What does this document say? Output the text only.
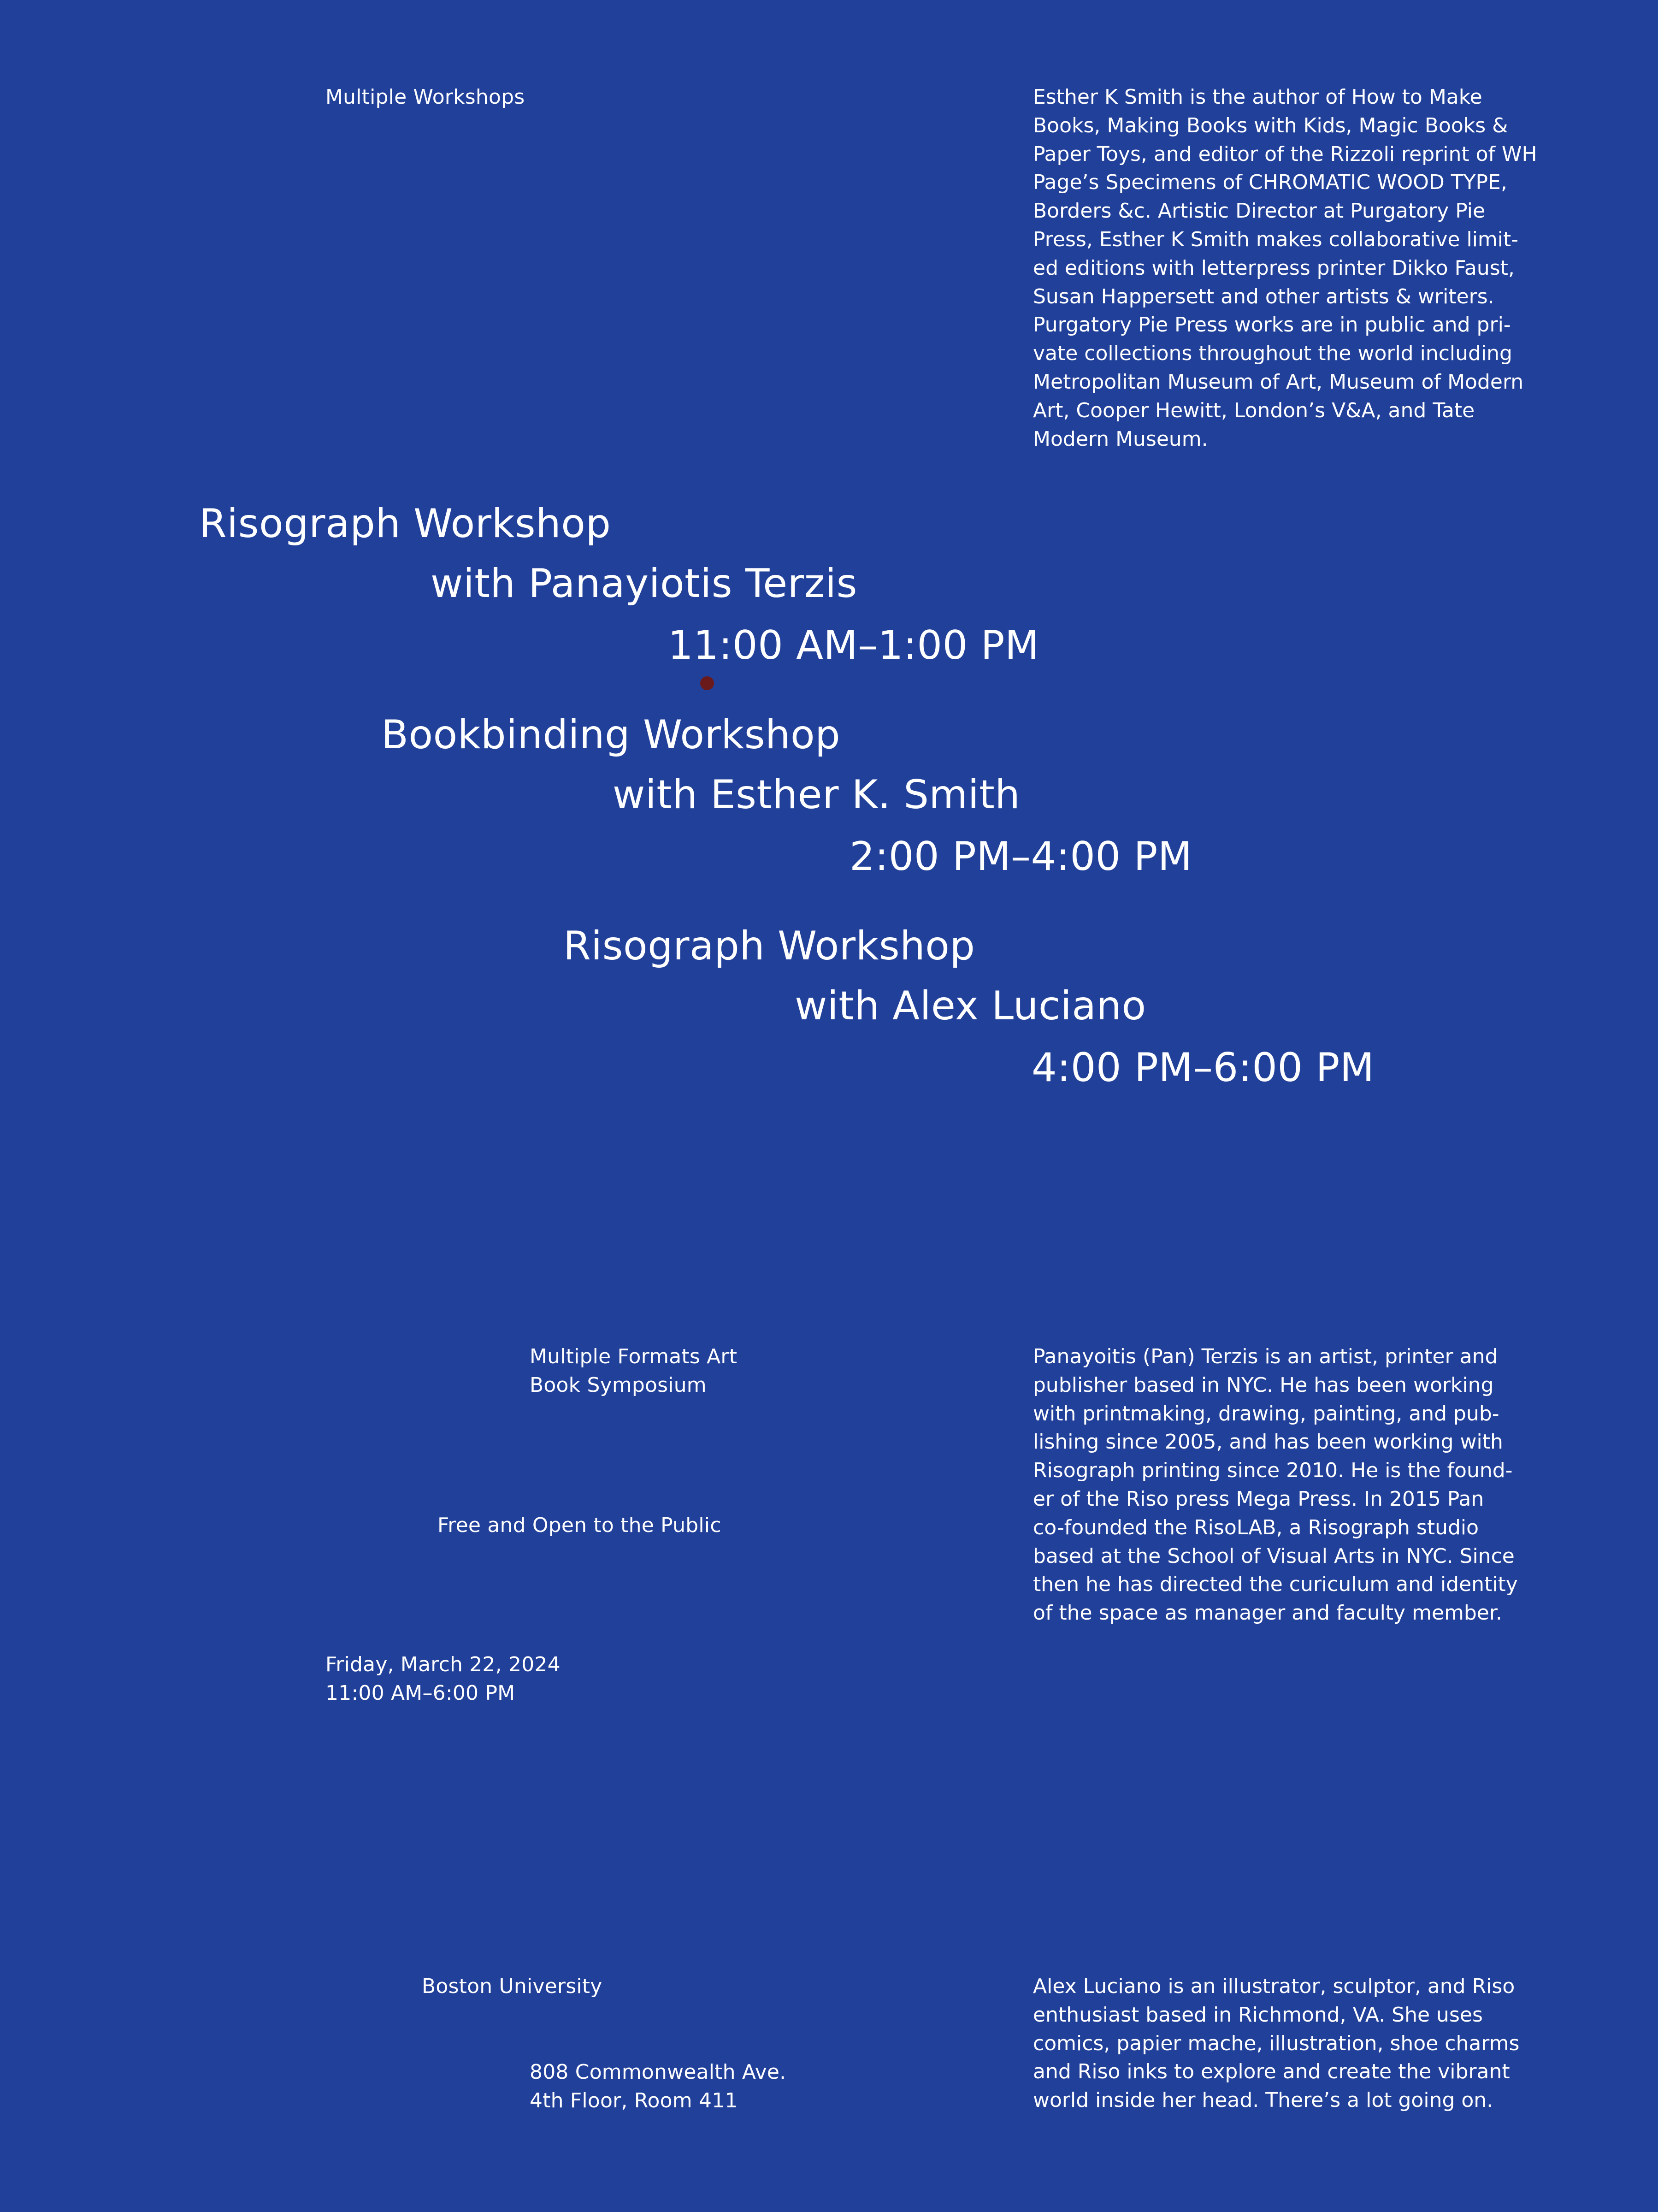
Multiple Workshops	Esther K Smith is the author of How to Make
Books, Making Books with Kids, Magic Books &
Paper Toys, and editor of the Rizzoli reprint of WH
Page’s Specimens of CHROMATIC WOOD TYPE,
Borders &c. Artistic Director at Purgatory Pie
Press, Esther K Smith makes collaborative limit-
ed editions with letterpress printer Dikko Faust,
Susan Happersett and other artists & writers.
Purgatory Pie Press works are in public and pri-
vate collections throughout the world including
Metropolitan Museum of Art, Museum of Modern
Art, Cooper Hewitt, London’s V&A, and Tate
Modern Museum.
Risograph Workshop
with Panayiotis Terzis
11:00 AM–1:00 PM
Bookbinding Workshop
with Esther K. Smith
2:00 PM–4:00 PM
Risograph Workshop
with Alex Luciano
4:00 PM–6:00 PM
Multiple Formats Art
Book Symposium
Panayoitis (Pan) Terzis is an artist, printer and
publisher based in NYC. He has been working
with printmaking, drawing, painting, and pub-
lishing since 2005, and has been working with
Risograph printing since 2010. He is the found-
er of the Riso press Mega Press. In 2015 Pan
co-founded the RisoLAB, a Risograph studio
based at the School of Visual Arts in NYC. Since
then he has directed the curiculum and identity
of the space as manager and faculty member.
Free and Open to the Public
Friday, March 22, 2024
11:00 AM–6:00 PM
Boston University
808 Commonwealth Ave.
4th Floor, Room 411
Alex Luciano is an illustrator, sculptor, and Riso
enthusiast based in Richmond, VA. She uses
comics, papier mache, illustration, shoe charms
and Riso inks to explore and create the vibrant
world inside her head. There’s a lot going on.
